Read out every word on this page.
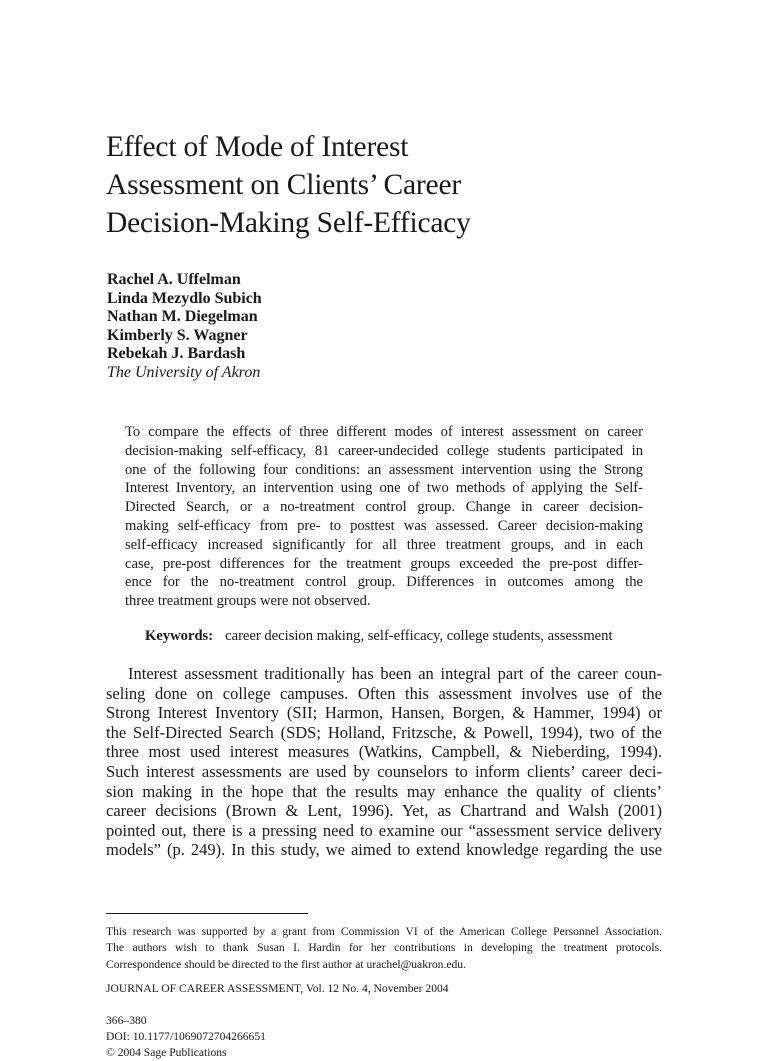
Effect of Mode of Interest
Assessment on Clients’ Career
Decision-Making Self-Efficacy
Rachel A. Uffelman
Linda Mezydlo Subich
Nathan M. Diegelman
Kimberly S. Wagner
Rebekah J. Bardash
The University of Akron
To compare the effects of three different modes of interest assessment on career
decision-making self-efficacy, 81 career-undecided college students participated in
one of the following four conditions: an assessment intervention using the Strong
Interest Inventory, an intervention using one of two methods of applying the Self-
Directed Search, or a no-treatment control group. Change in career decision-
making self-efficacy from pre- to posttest was assessed. Career decision-making
self-efficacy increased significantly for all three treatment groups, and in each
case, pre-post differences for the treatment groups exceeded the pre-post differ-
ence for the no-treatment control group. Differences in outcomes among the
three treatment groups were not observed.
Keywords: career decision making, self-efficacy, college students, assessment
Interest assessment traditionally has been an integral part of the career coun-
seling done on college campuses. Often this assessment involves use of the
Strong Interest Inventory (SII; Harmon, Hansen, Borgen, & Hammer, 1994) or
the Self-Directed Search (SDS; Holland, Fritzsche, & Powell, 1994), two of the
three most used interest measures (Watkins, Campbell, & Nieberding, 1994).
Such interest assessments are used by counselors to inform clients’ career deci-
sion making in the hope that the results may enhance the quality of clients’
career decisions (Brown & Lent, 1996). Yet, as Chartrand and Walsh (2001)
pointed out, there is a pressing need to examine our “assessment service delivery
models” (p. 249). In this study, we aimed to extend knowledge regarding the use
This research was supported by a grant from Commission VI of the American College Personnel Association.
The authors wish to thank Susan I. Hardin for her contributions in developing the treatment protocols.
Correspondence should be directed to the first author at urachel@uakron.edu.
JOURNAL OF CAREER ASSESSMENT, Vol. 12 No. 4, November 2004
366–380
DOI: 10.1177/1069072704266651
© 2004 Sage Publications
